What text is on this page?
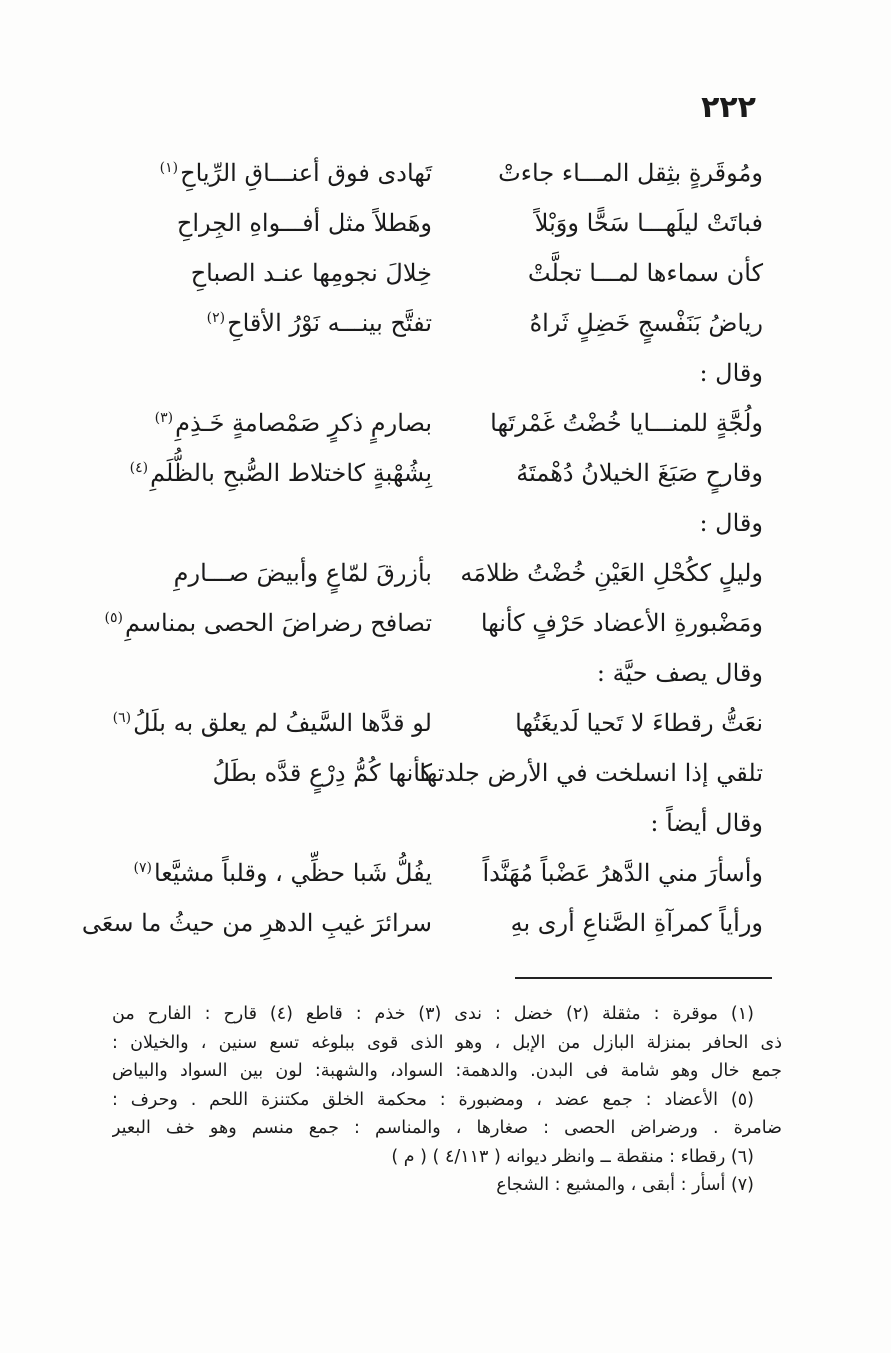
٢٢٢
ومُوقَرةٍ بثِقل المـــاء جاءتْ
تَهادى فوق أعنـــاقِ الرِّياحِ$^{(١)}$
فباتَتْ ليلَهـــا سَحًّا ووَبْلاً
وهَطلاً مثل أفـــواهِ الجِراحِ
كأن سماءها لمـــا تجلَّتْ
خِلالَ نجومِها عنـد الصباحِ
رياضُ بَنَفْسجٍ خَضِلٍ ثَراهُ
تفتَّح بينـــه نَوْرُ الأقاحِ$^{(٢)}$
وقال :
ولُجَّةٍ للمنـــايا خُضْتُ غَمْرتَها
بصارمٍ ذكرٍ صَمْصامةٍ خَـذِمِ$^{(٣)}$
وقارحٍ صَبَغَ الخيلانُ دُهْمتَهُ
بِشُهْبةٍ كاختلاط الصُّبحِ بالظُّلَمِ$^{(٤)}$
وقال :
وليلٍ ككُحْلِ العَيْنِ خُضْتُ ظلامَه
بأزرقَ لمّاعٍ وأبيضَ صـــارمِ
ومَضْبورةِ الأعضاد حَرْفٍ كأنها
تصافح رضراضَ الحصى بمناسمِ$^{(٥)}$
وقال يصف حيَّة :
نعَتُّ رقطاءَ لا تَحيا لَديغَتُها
لو قدَّها السَّيفُ لم يعلق به بلَلُ$^{(٦)}$
تلقي إذا انسلخت في الأرض جلدتها
كأنها كُمُّ دِرْعٍ قدَّه بطَلُ
وقال أيضاً :
وأسأرَ مني الدَّهرُ عَضْباً مُهَنَّداً
يفُلُّ شَبا حظِّي ، وقلباً مشيَّعا$^{(٧)}$
ورأياً كمرآةِ الصَّناعِ أرى بهِ
سرائرَ غيبِ الدهرِ من حيثُ ما سعَى
(١) موقرة : مثقلة (٢) خضل : ندى (٣) خذم : قاطع (٤) قارح : الفارح من
ذى الحافر بمنزلة البازل من الإبل ، وهو الذى قوى ببلوغه تسع سنين ، والخيلان :
جمع خال وهو شامة فى البدن. والدهمة: السواد، والشهبة: لون بين السواد والبياض
(٥) الأعضاد : جمع عضد ، ومضبورة : محكمة الخلق مكتنزة اللحم . وحرف :
ضامرة . ورضراض الحصى : صغارها ، والمناسم : جمع منسم وهو خف البعير
(٦) رقطاء : منقطة ــ وانظر ديوانه ( ٤/١١٣ ) ( م )
(٧) أسأر : أبقى ، والمشيع : الشجاع
